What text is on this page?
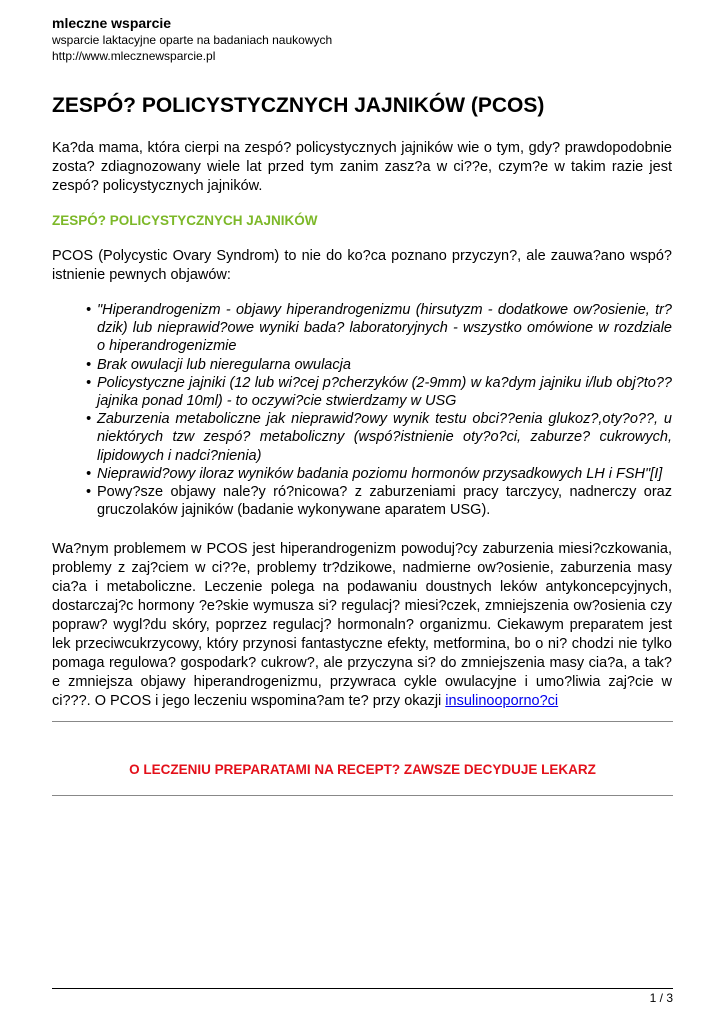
mleczne wsparcie
wsparcie laktacyjne oparte na badaniach naukowych
http://www.mlecznewsparcie.pl
ZESPÓ? POLICYSTYCZNYCH JAJNIKÓW (PCOS)

Ka?da mama, która cierpi na zespó? policystycznych jajników wie o tym, gdy? prawdopodobnie zosta? zdiagnozowany wiele lat przed tym zanim zasz?a w ci??e, czym?e w takim razie jest zespó? policystycznych jajników.

ZESPÓ? POLICYSTYCZNYCH JAJNIKÓW

PCOS (Polycystic Ovary Syndrom) to nie do ko?ca poznano przyczyn?, ale zauwa?ano wspó?istnienie pewnych objawów:

• "Hiperandrogenizm - objawy hiperandrogenizmu (hirsutyzm - dodatkowe ow?osienie, tr?dzik) lub nieprawid?owe wyniki bada? laboratoryjnych - wszystko omówione w rozdziale o hiperandrogenizmie
• Brak owulacji lub nieregularna owulacja
• Policystyczne jajniki (12 lub wi?cej p?cherzyków (2-9mm) w ka?dym jajniku i/lub obj?to?? jajnika ponad 10ml) - to oczywi?cie stwierdzamy w USG
• Zaburzenia metaboliczne jak nieprawid?owy wynik testu obci??enia glukoz?,oty?o??, u niektórych tzw zespó? metaboliczny (wspó?istnienie oty?o?ci, zaburze? cukrowych, lipidowych i nadci?nienia)
• Nieprawid?owy iloraz wyników badania poziomu hormonów przysadkowych LH i FSH"[I]
• Powy?sze objawy nale?y ró?nicowa? z zaburzeniami pracy tarczycy, nadnerczy oraz gruczolaków jajników (badanie wykonywane aparatem USG).

Wa?nym problemem w PCOS jest hiperandrogenizm powoduj?cy zaburzenia miesi?czkowania, problemy z zaj?ciem w ci??e, problemy tr?dzikowe, nadmierne ow?osienie, zaburzenia masy cia?a i metaboliczne. Leczenie polega na podawaniu doustnych leków antykoncepcyjnych, dostarczaj?c hormony ?e?skie wymusza si? regulacj? miesi?czek, zmniejszenia ow?osienia czy popraw? wygl?du skóry, poprzez regulacj? hormonaln? organizmu. Ciekawym preparatem jest lek przeciwcukrzycowy, który przynosi fantastyczne efekty, metformina, bo o ni? chodzi nie tylko pomaga regulowa? gospodark? cukrow?, ale przyczyna si? do zmniejszenia masy cia?a, a tak?e zmniejsza objawy hiperandrogenizmu, przywraca cykle owulacyjne i umo?liwia zaj?cie w ci???. O PCOS i jego leczeniu wspomina?am te? przy okazji insulinooporno?ci

O LECZENIU PREPARATAMI NA RECEPT? ZAWSZE DECYDUJE LEKARZ

1 / 3
